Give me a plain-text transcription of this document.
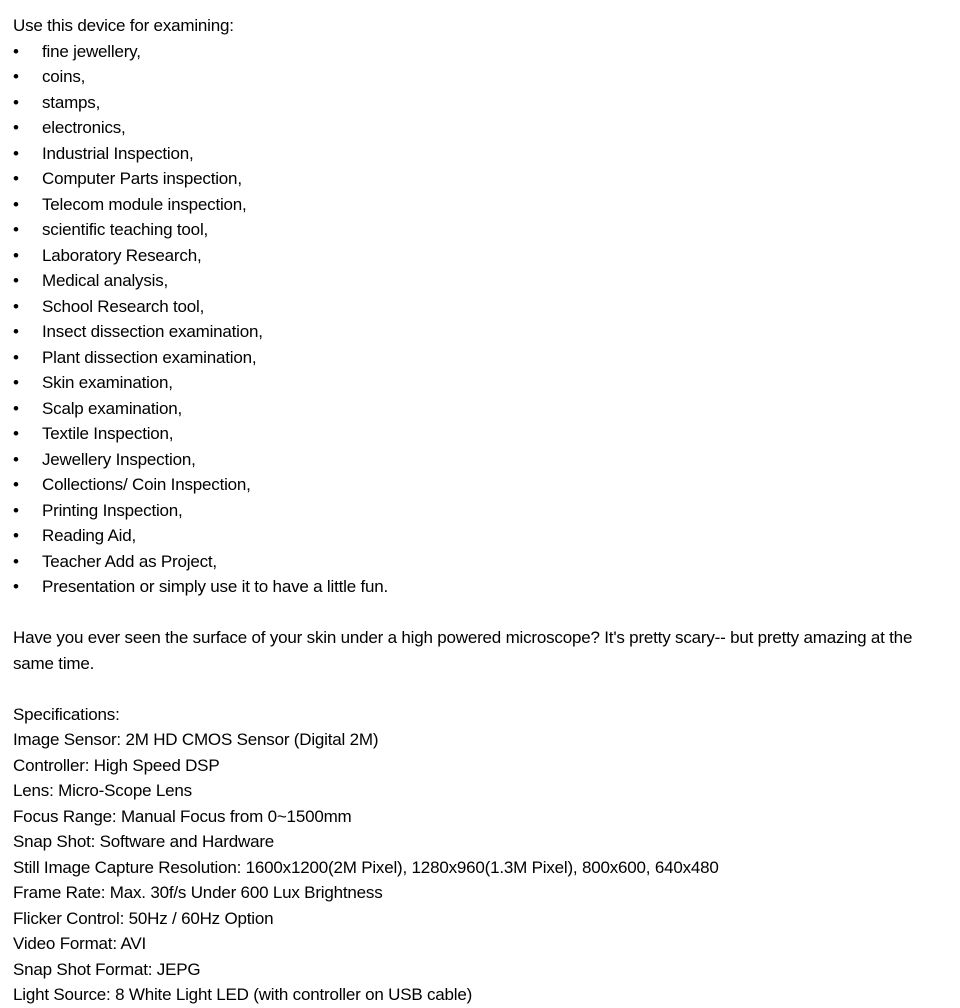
Use this device for examining:
•	fine jewellery,
•	coins,
•	stamps,
•	electronics,
•	Industrial Inspection,
•	Computer Parts inspection,
•	Telecom module inspection,
•	scientific teaching tool,
•	Laboratory Research,
•	Medical analysis,
•	School Research tool,
•	Insect dissection examination,
•	Plant dissection examination,
•	Skin examination,
•	Scalp examination,
•	Textile Inspection,
•	Jewellery Inspection,
•	Collections/ Coin Inspection,
•	Printing Inspection,
•	Reading Aid,
•	Teacher Add as Project,
•	Presentation or simply use it to have a little fun.
Have you ever seen the surface of your skin under a high powered microscope? It's pretty scary-- but pretty amazing at the same time.
Specifications:
Image Sensor: 2M HD CMOS Sensor (Digital 2M)
Controller: High Speed DSP
Lens: Micro-Scope Lens
Focus Range: Manual Focus from 0~1500mm
Snap Shot: Software and Hardware
Still Image Capture Resolution: 1600x1200(2M Pixel), 1280x960(1.3M Pixel), 800x600, 640x480
Frame Rate: Max. 30f/s Under 600 Lux Brightness
Flicker Control: 50Hz / 60Hz Option
Video Format: AVI
Snap Shot Format: JEPG
Light Source: 8 White Light LED (with controller on USB cable)
